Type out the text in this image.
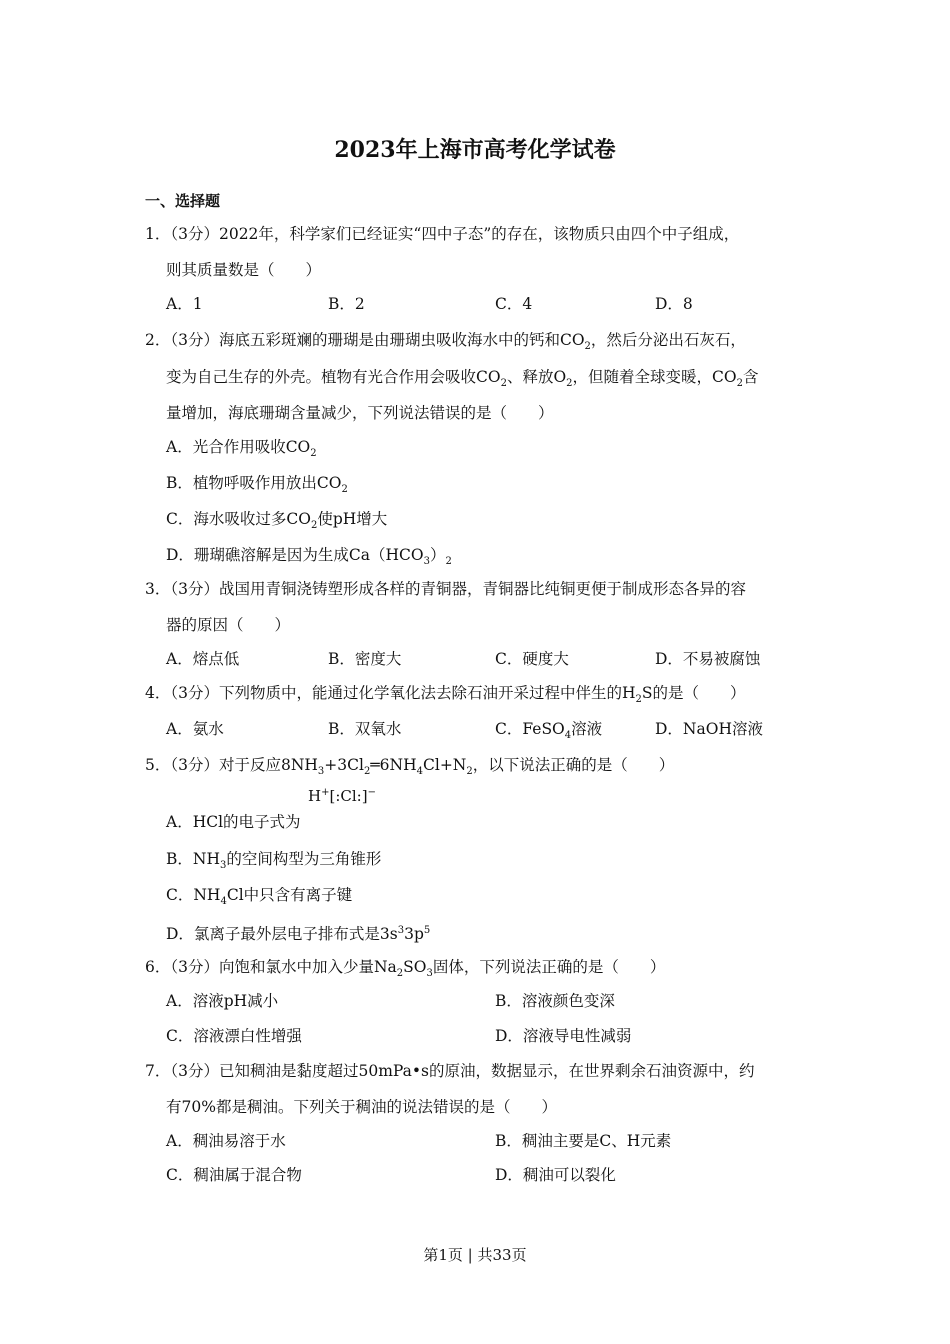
2023年上海市高考化学试卷
一、选择题
1．（3分）2022年，科学家们已经证实“四中子态”的存在，该物质只由四个中子组成，
则其质量数是（　　）
A．1	B．2	C．4	D．8
2．（3分）海底五彩斑斓的珊瑚是由珊瑚虫吸收海水中的钙和$CO_2$，然后分泌出石灰石，
变为自己生存的外壳。植物有光合作用会吸收$CO_2$、释放$O_2$，但随着全球变暖，$CO_2$含
量增加，海底珊瑚含量减少，下列说法错误的是（　　）
A．光合作用吸收$CO_2$
B．植物呼吸作用放出$CO_2$
C．海水吸收过多$CO_2$使pH增大
D．珊瑚礁溶解是因为生成$Ca(HCO_3)_2$
3．（3分）战国用青铜浇铸塑形成各样的青铜器，青铜器比纯铜更便于制成形态各异的容
器的原因（　　）
A．熔点低	B．密度大	C．硬度大	D．不易被腐蚀
4．（3分）下列物质中，能通过化学氧化法去除石油开采过程中伴生的$H_2S$的是（　　）
A．氨水	B．双氧水	C．FeSO$_4$溶液	D．NaOH溶液
5．（3分）对于反应$8NH_3+3Cl_2═6NH_4Cl+N_2$，以下说法正确的是（　　）
A．HCl的电子式为
H+[:Cl:]−
B．$NH_3$的空间构型为三角锥形
C．$NH_4Cl$中只含有离子键
D．氯离子最外层电子排布式是$3s^33p^5$
6．（3分）向饱和氯水中加入少量$Na_2SO_3$固体，下列说法正确的是（　　）
A．溶液pH减小	B．溶液颜色变深
C．溶液漂白性增强	D．溶液导电性减弱
7．（3分）已知稠油是黏度超过50mPa•s的原油，数据显示，在世界剩余石油资源中，约
有70%都是稠油。下列关于稠油的说法错误的是（　　）
A．稠油易溶于水	B．稠油主要是C、H元素
C．稠油属于混合物	D．稠油可以裂化
第1页 | 共33页
